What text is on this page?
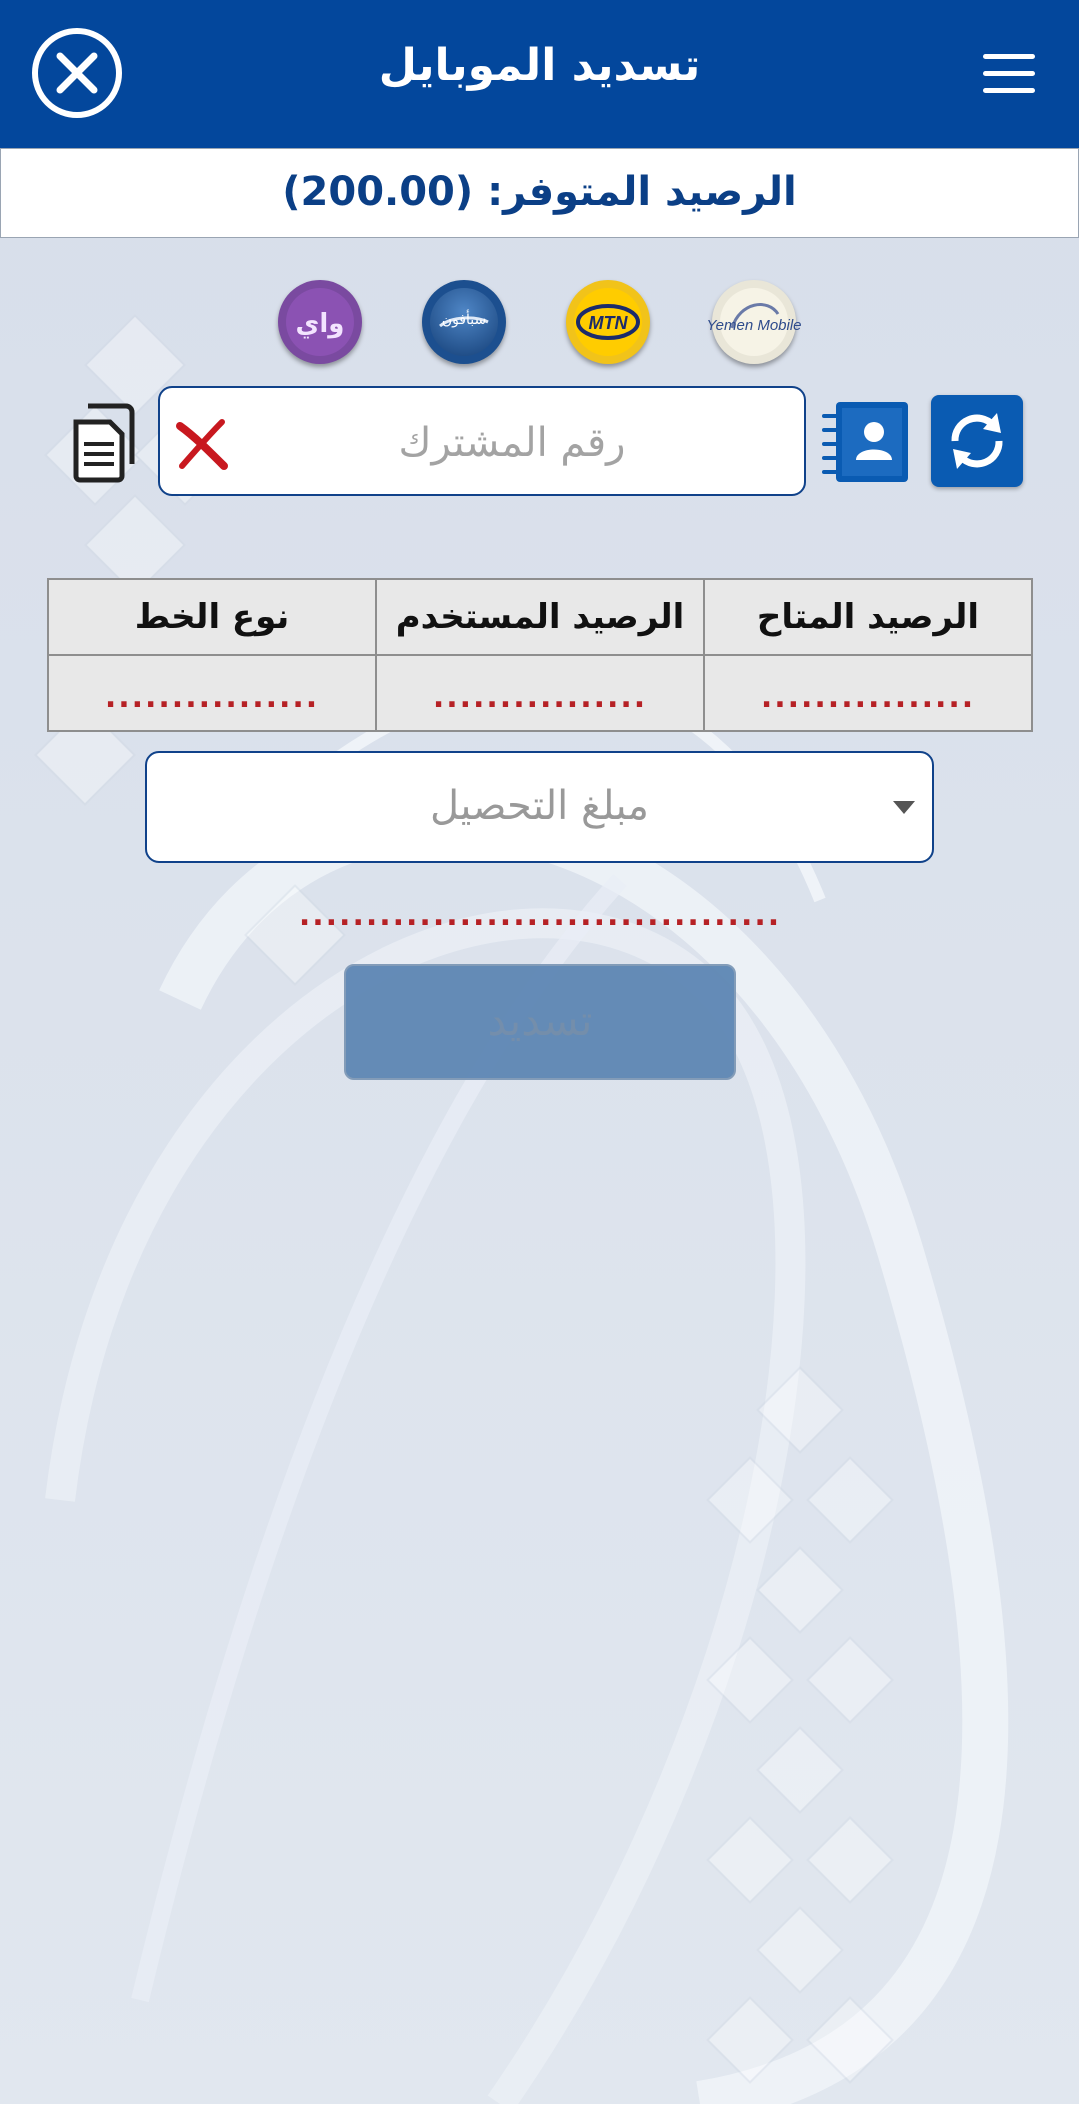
تسديد الموبايل
الرصيد المتوفر: (200.00)
Yemen Mobile
MTN
سبأفون
واي
رقم المشترك
نوع الخط	الرصيد المستخدم	الرصيد المتاح
................	................	................
مبلغ التحصيل
....................................
تسديد
